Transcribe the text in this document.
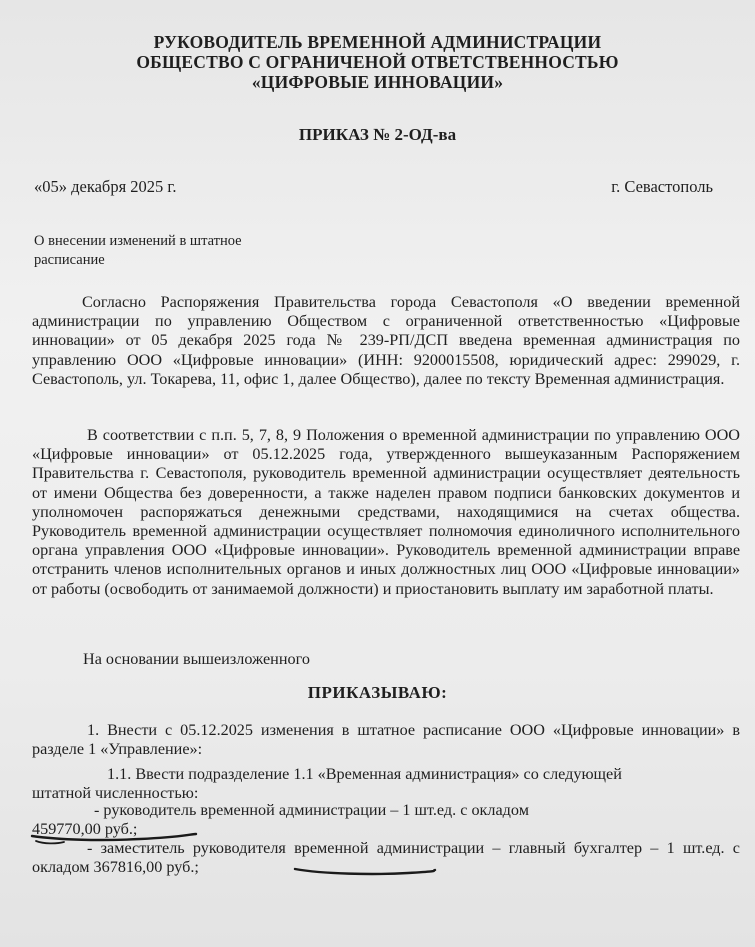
РУКОВОДИТЕЛЬ ВРЕМЕННОЙ АДМИНИСТРАЦИИ
ОБЩЕСТВО С ОГРАНИЧЕНОЙ ОТВЕТСТВЕННОСТЬЮ
«ЦИФРОВЫЕ ИННОВАЦИИ»
ПРИКАЗ № 2-ОД-ва
«05» декабря 2025 г.	г. Севастополь
О внесении изменений в штатное
расписание
Согласно Распоряжения Правительства города Севастополя «О введении временной администрации по управлению Обществом с ограниченной ответственностью «Цифровые инновации» от 05 декабря 2025 года № 239-РП/ДСП введена временная администрация по управлению ООО «Цифровые инновации» (ИНН: 9200015508, юридический адрес: 299029, г. Севастополь, ул. Токарева, 11, офис 1, далее Общество), далее по тексту Временная администрация.
В соответствии с п.п. 5, 7, 8, 9 Положения о временной администрации по управлению ООО «Цифровые инновации» от 05.12.2025 года, утвержденного вышеуказанным Распоряжением Правительства г. Севастополя, руководитель временной администрации осуществляет деятельность от имени Общества без доверенности, а также наделен правом подписи банковских документов и уполномочен распоряжаться денежными средствами, находящимися на счетах общества. Руководитель временной администрации осуществляет полномочия единоличного исполнительного органа управления ООО «Цифровые инновации». Руководитель временной администрации вправе отстранить членов исполнительных органов и иных должностных лиц ООО «Цифровые инновации» от работы (освободить от занимаемой должности) и приостановить выплату им заработной платы.
На основании вышеизложенного
ПРИКАЗЫВАЮ:
1. Внести с 05.12.2025 изменения в штатное расписание ООО «Цифровые инновации» в разделе 1 «Управление»:
1.1. Ввести подразделение 1.1 «Временная администрация» со следующей
штатной численностью:
- руководитель временной администрации – 1 шт.ед. с окладом
459770,00 руб.;
- заместитель руководителя временной администрации – главный бухгалтер – 1 шт.ед. с окладом 367816,00 руб.;
